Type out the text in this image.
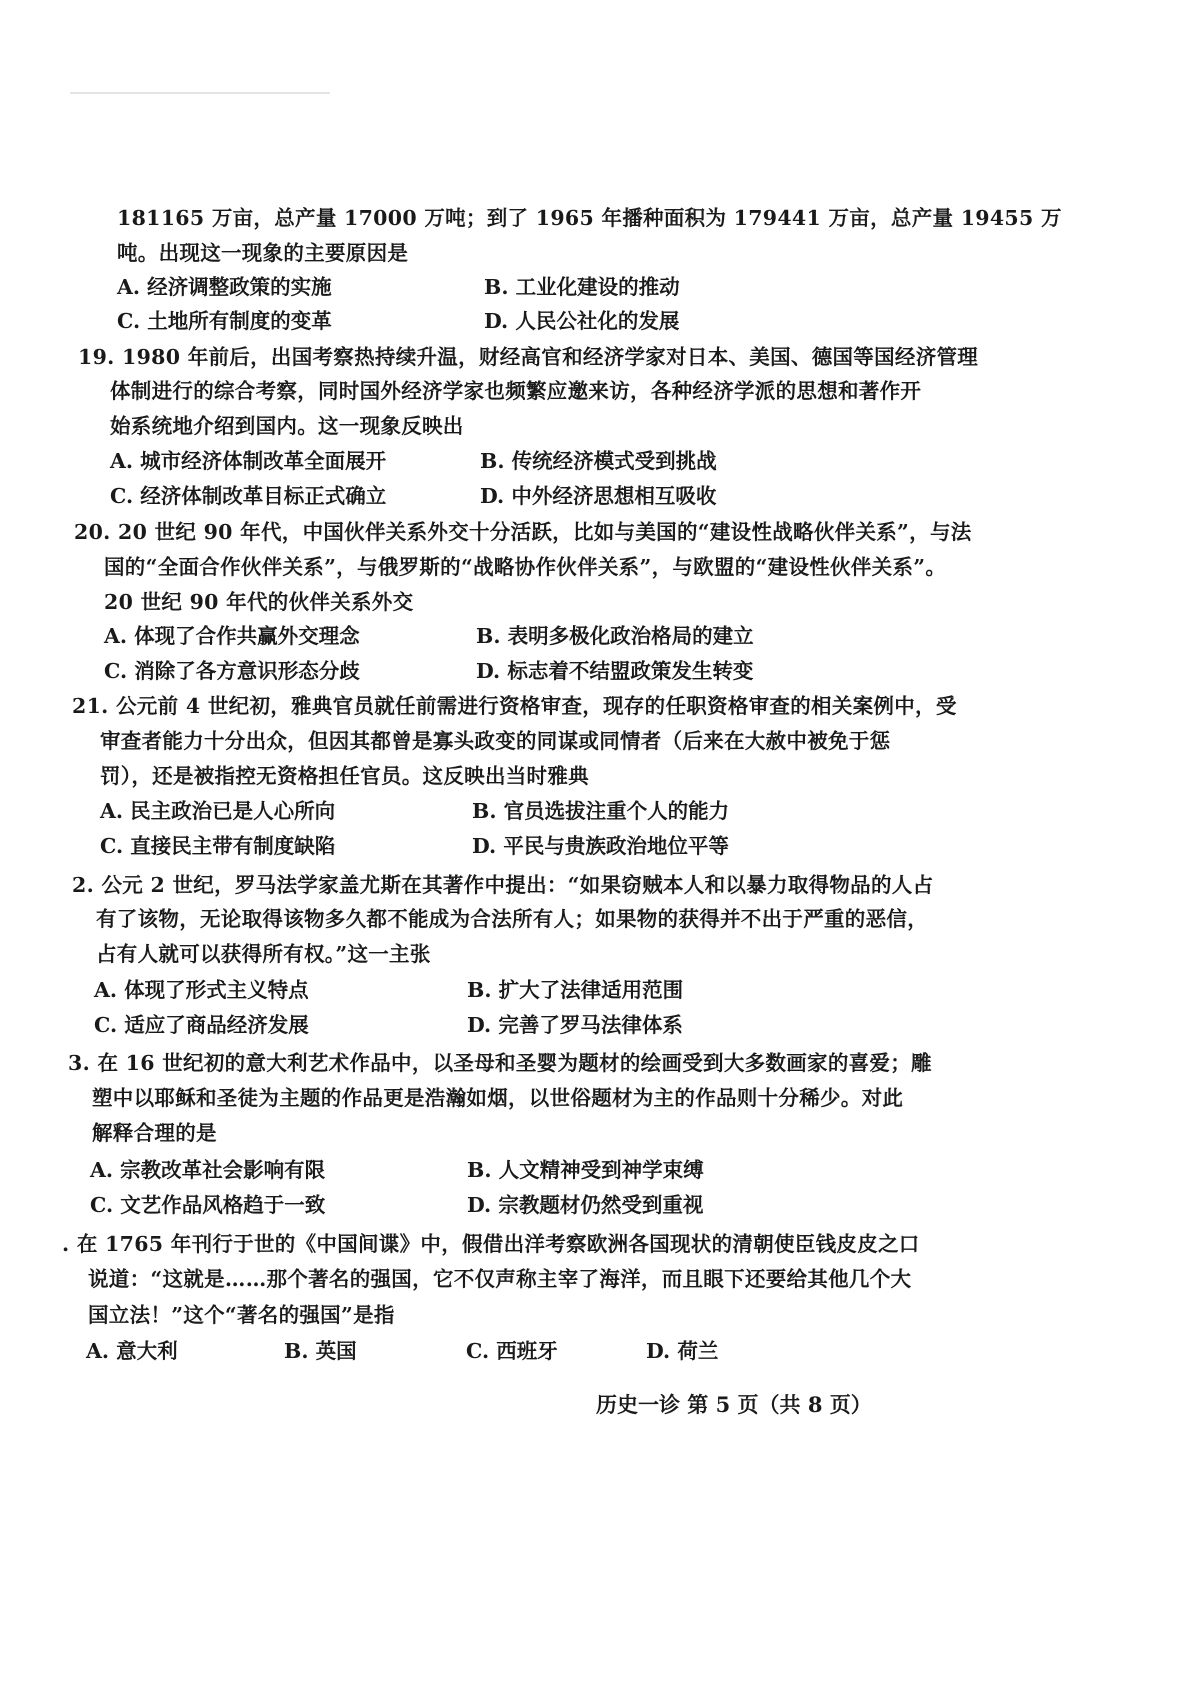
181165 万亩，总产量 17000 万吨；到了 1965 年播种面积为 179441 万亩，总产量 19455 万
吨。出现这一现象的主要原因是
A. 经济调整政策的实施	B. 工业化建设的推动
C. 土地所有制度的变革	D. 人民公社化的发展
19. 1980 年前后，出国考察热持续升温，财经高官和经济学家对日本、美国、德国等国经济管理
体制进行的综合考察，同时国外经济学家也频繁应邀来访，各种经济学派的思想和著作开
始系统地介绍到国内。这一现象反映出
A. 城市经济体制改革全面展开	B. 传统经济模式受到挑战
C. 经济体制改革目标正式确立	D. 中外经济思想相互吸收
20. 20 世纪 90 年代，中国伙伴关系外交十分活跃，比如与美国的“建设性战略伙伴关系”，与法
国的“全面合作伙伴关系”，与俄罗斯的“战略协作伙伴关系”，与欧盟的“建设性伙伴关系”。
20 世纪 90 年代的伙伴关系外交
A. 体现了合作共赢外交理念	B. 表明多极化政治格局的建立
C. 消除了各方意识形态分歧	D. 标志着不结盟政策发生转变
21. 公元前 4 世纪初，雅典官员就任前需进行资格审查，现存的任职资格审查的相关案例中，受
审查者能力十分出众，但因其都曾是寡头政变的同谋或同情者（后来在大赦中被免于惩
罚），还是被指控无资格担任官员。这反映出当时雅典
A. 民主政治已是人心所向	B. 官员选拔注重个人的能力
C. 直接民主带有制度缺陷	D. 平民与贵族政治地位平等
2. 公元 2 世纪，罗马法学家盖尤斯在其著作中提出：“如果窃贼本人和以暴力取得物品的人占
有了该物，无论取得该物多久都不能成为合法所有人；如果物的获得并不出于严重的恶信，
占有人就可以获得所有权。”这一主张
A. 体现了形式主义特点	B. 扩大了法律适用范围
C. 适应了商品经济发展	D. 完善了罗马法律体系
3. 在 16 世纪初的意大利艺术作品中，以圣母和圣婴为题材的绘画受到大多数画家的喜爱；雕
塑中以耶稣和圣徒为主题的作品更是浩瀚如烟，以世俗题材为主的作品则十分稀少。对此
解释合理的是
A. 宗教改革社会影响有限	B. 人文精神受到神学束缚
C. 文艺作品风格趋于一致	D. 宗教题材仍然受到重视
. 在 1765 年刊行于世的《中国间谍》中，假借出洋考察欧洲各国现状的清朝使臣钱皮皮之口
说道：“这就是……那个著名的强国，它不仅声称主宰了海洋，而且眼下还要给其他几个大
国立法！”这个“著名的强国”是指
A. 意大利	B. 英国	C. 西班牙	D. 荷兰
历史一诊 第 5 页（共 8 页）
